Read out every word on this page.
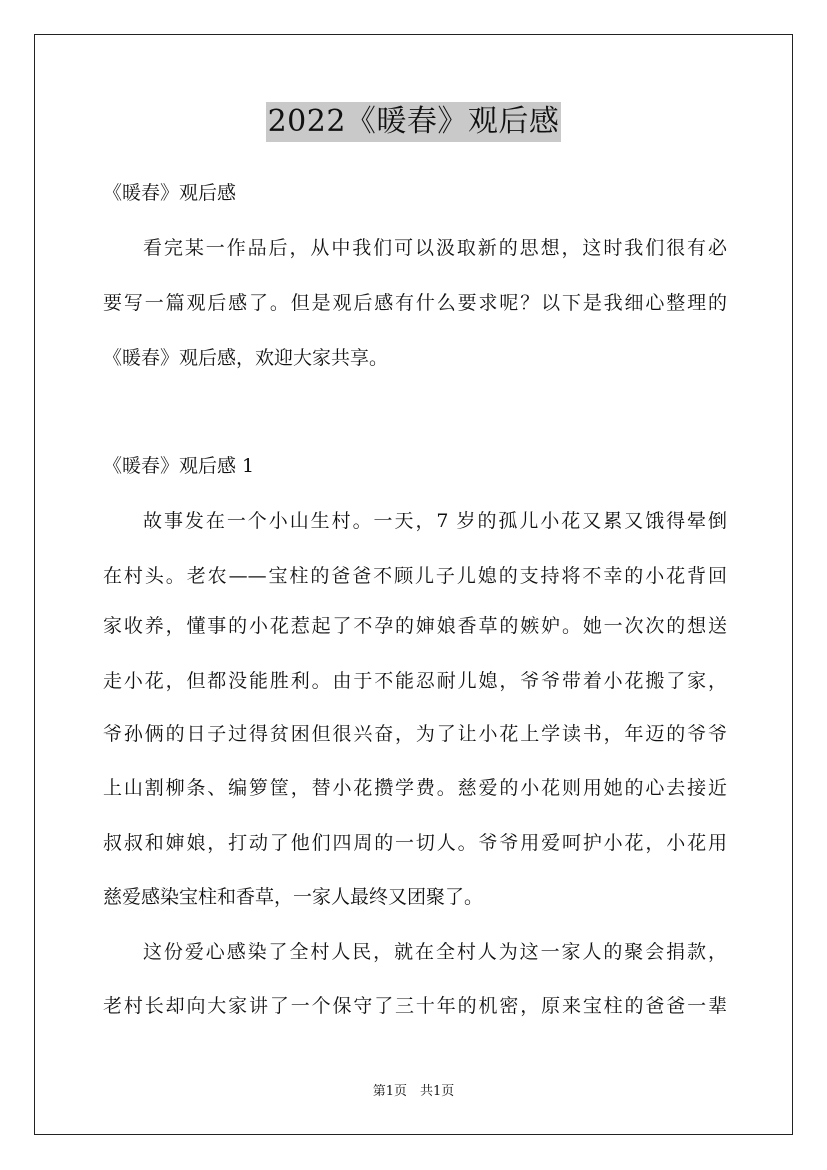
2022《暖春》观后感
《暖春》观后感
看完某一作品后，从中我们可以汲取新的思想，这时我们很有必
要写一篇观后感了。但是观后感有什么要求呢？以下是我细心整理的
《暖春》观后感，欢迎大家共享。
《暖春》观后感 1
故事发在一个小山生村。一天，7 岁的孤儿小花又累又饿得晕倒
在村头。老农——宝柱的爸爸不顾儿子儿媳的支持将不幸的小花背回
家收养，懂事的小花惹起了不孕的婶娘香草的嫉妒。她一次次的想送
走小花，但都没能胜利。由于不能忍耐儿媳，爷爷带着小花搬了家，
爷孙俩的日子过得贫困但很兴奋，为了让小花上学读书，年迈的爷爷
上山割柳条、编箩筐，替小花攒学费。慈爱的小花则用她的心去接近
叔叔和婶娘，打动了他们四周的一切人。爷爷用爱呵护小花，小花用
慈爱感染宝柱和香草，一家人最终又团聚了。
这份爱心感染了全村人民，就在全村人为这一家人的聚会捐款，
老村长却向大家讲了一个保守了三十年的机密，原来宝柱的爸爸一辈
第1页　共1页
